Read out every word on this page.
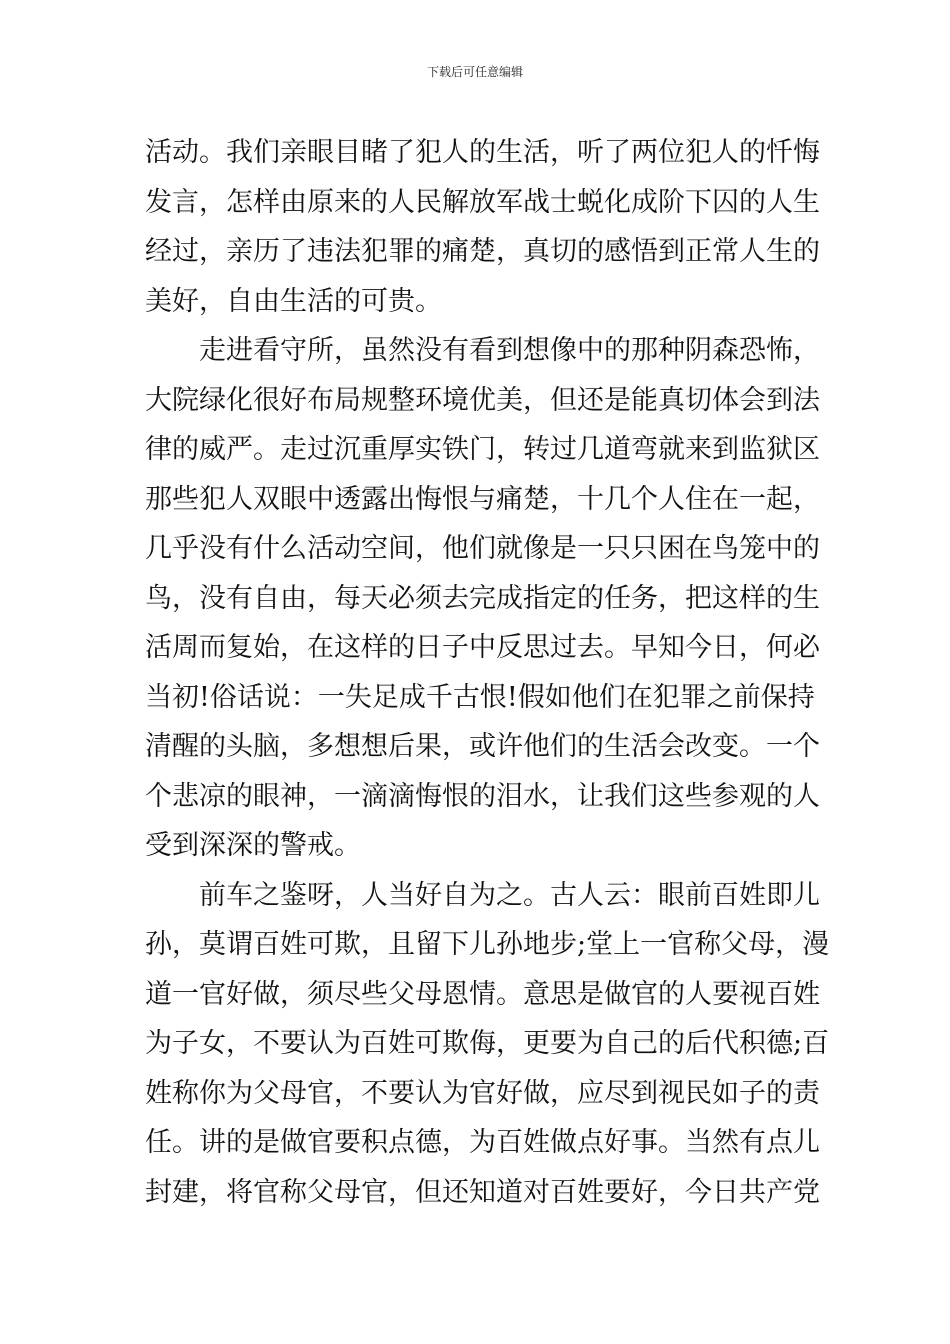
下载后可任意编辑
活动。我们亲眼目睹了犯人的生活，听了两位犯人的忏悔
发言，怎样由原来的人民解放军战士蜕化成阶下囚的人生
经过，亲历了违法犯罪的痛楚，真切的感悟到正常人生的
美好，自由生活的可贵。
走进看守所，虽然没有看到想像中的那种阴森恐怖，
大院绿化很好布局规整环境优美，但还是能真切体会到法
律的威严。走过沉重厚实铁门，转过几道弯就来到监狱区
那些犯人双眼中透露出悔恨与痛楚，十几个人住在一起，
几乎没有什么活动空间，他们就像是一只只困在鸟笼中的
鸟，没有自由，每天必须去完成指定的任务，把这样的生
活周而复始，在这样的日子中反思过去。早知今日，何必
当初!俗话说：一失足成千古恨!假如他们在犯罪之前保持
清醒的头脑，多想想后果，或许他们的生活会改变。一个
个悲凉的眼神，一滴滴悔恨的泪水，让我们这些参观的人
受到深深的警戒。
前车之鉴呀，人当好自为之。古人云：眼前百姓即儿
孙，莫谓百姓可欺，且留下儿孙地步;堂上一官称父母，漫
道一官好做，须尽些父母恩情。意思是做官的人要视百姓
为子女，不要认为百姓可欺侮，更要为自己的后代积德;百
姓称你为父母官，不要认为官好做，应尽到视民如子的责
任。讲的是做官要积点德，为百姓做点好事。当然有点儿
封建，将官称父母官，但还知道对百姓要好，今日共产党
